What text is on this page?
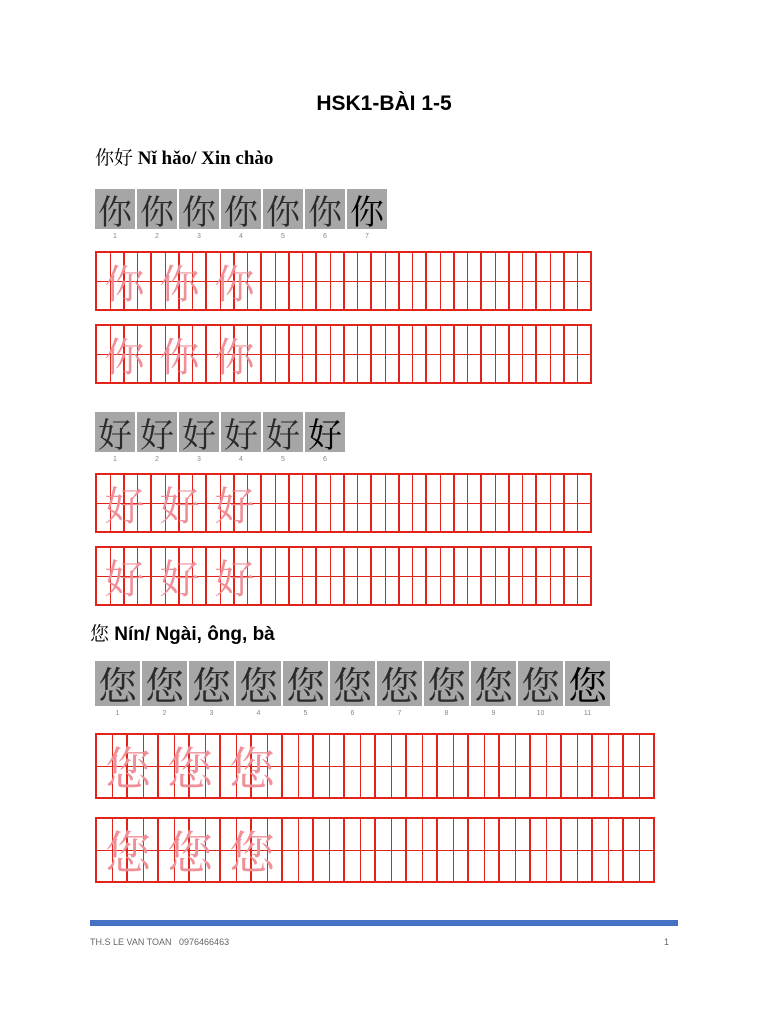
HSK1-BÀI 1-5
你好 Nǐ hǎo/ Xin chào
你
1
你
2
你
3
你
4
你
5
你
6
你
7
你 你 你
你 你 你
好
1
好
2
好
3
好
4
好
5
好
6
好 好 好
好 好 好
您 Nín/ Ngài, ông, bà
您
1
您
2
您
3
您
4
您
5
您
6
您
7
您
8
您
9
您
10
您
11
您 您 您
您 您 您
TH.S LE VAN TOAN   0976466463	1
